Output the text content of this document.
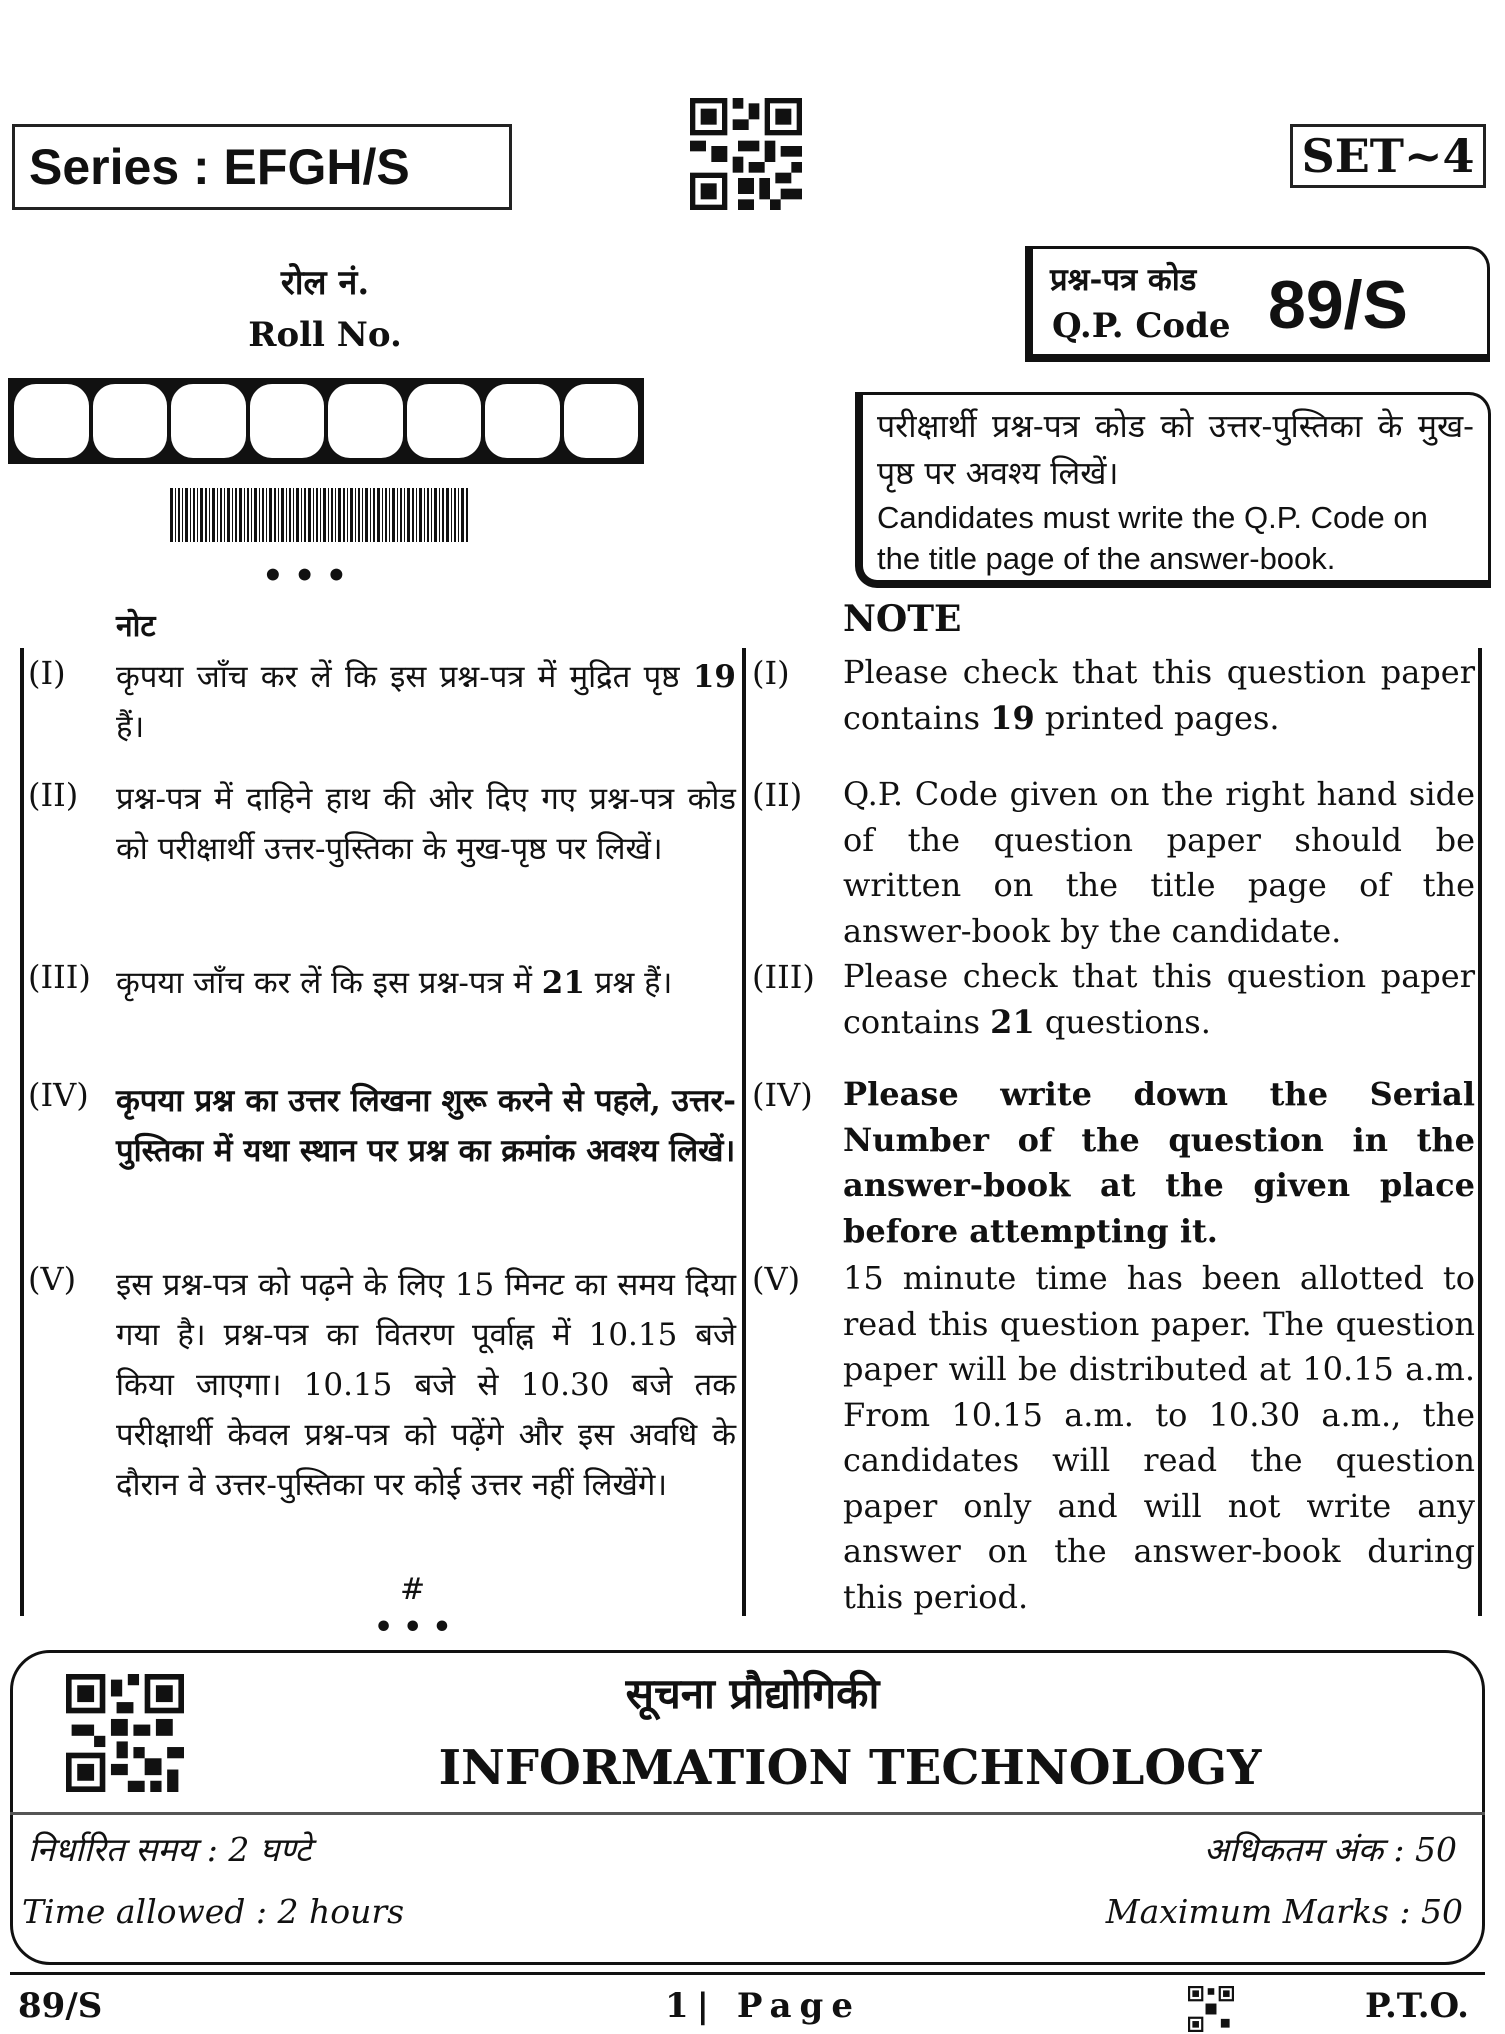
Series : EFGH/S	SET~4
रोल नं.
Roll No.
•••
प्रश्न-पत्र कोड
Q.P. Code 89/S
परीक्षार्थी प्रश्न-पत्र कोड को उत्तर-पुस्तिका के मुख-पृष्ठ पर अवश्य लिखें।
Candidates must write the Q.P. Code on the title page of the answer-book.
नोट	NOTE
(I) कृपया जाँच कर लें कि इस प्रश्न-पत्र में मुद्रित पृष्ठ 19 हैं।
(I) Please check that this question paper contains 19 printed pages.
(II) प्रश्न-पत्र में दाहिने हाथ की ओर दिए गए प्रश्न-पत्र कोड को परीक्षार्थी उत्तर-पुस्तिका के मुख-पृष्ठ पर लिखें।
(II) Q.P. Code given on the right hand side of the question paper should be written on the title page of the answer-book by the candidate.
(III) कृपया जाँच कर लें कि इस प्रश्न-पत्र में 21 प्रश्न हैं।	(III) Please check that this question paper contains 21 questions.
(IV) कृपया प्रश्न का उत्तर लिखना शुरू करने से पहले, उत्तर-पुस्तिका में यथा स्थान पर प्रश्न का क्रमांक अवश्य लिखें।
(IV) Please write down the Serial Number of the question in the answer-book at the given place before attempting it.
(V) इस प्रश्न-पत्र को पढ़ने के लिए 15 मिनट का समय दिया गया है। प्रश्न-पत्र का वितरण पूर्वाह्न में 10.15 बजे किया जाएगा। 10.15 बजे से 10.30 बजे तक परीक्षार्थी केवल प्रश्न-पत्र को पढ़ेंगे और इस अवधि के दौरान वे उत्तर-पुस्तिका पर कोई उत्तर नहीं लिखेंगे।
(V) 15 minute time has been allotted to read this question paper. The question paper will be distributed at 10.15 a.m. From 10.15 a.m. to 10.30 a.m., the candidates will read the question paper only and will not write any answer on the answer-book during this period.
#
•••
सूचना प्रौद्योगिकी
INFORMATION TECHNOLOGY
निर्धारित समय : 2 घण्टे	अधिकतम अंक : 50
Time allowed : 2 hours	Maximum Marks : 50
89/S	1| Page	P.T.O.
